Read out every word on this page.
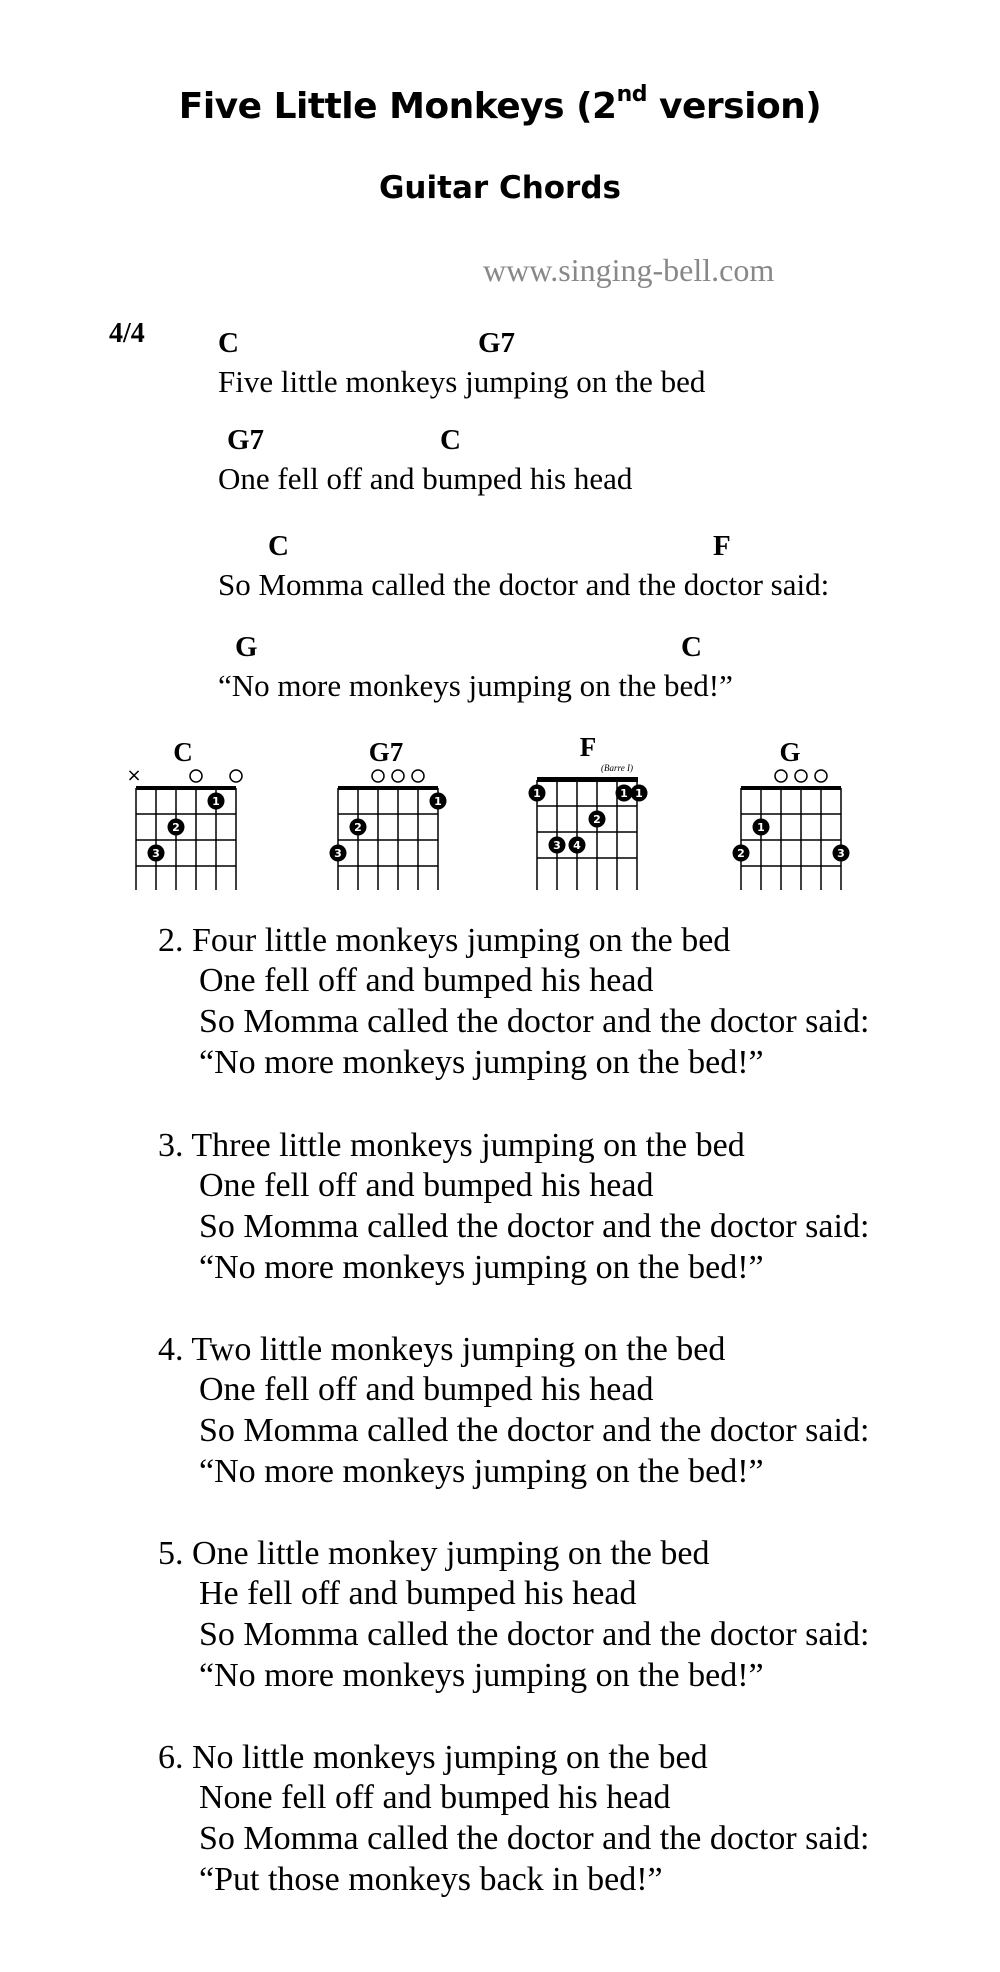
Five Little Monkeys (2nd version)
Guitar Chords
www.singing-bell.com
4/4	C	G7
Five little monkeys jumping on the bed
G7	C
One fell off and bumped his head
C	F
So Momma called the doctor and the doctor said:
G	C
“No more monkeys jumping on the bed!”
C
×
1
2
3
G7
1
2
3
F
(Barre I)
1	1 1
2
3 4
G
1
2	3
2. Four little monkeys jumping on the bed
One fell off and bumped his head
So Momma called the doctor and the doctor said:
“No more monkeys jumping on the bed!”
3. Three little monkeys jumping on the bed
One fell off and bumped his head
So Momma called the doctor and the doctor said:
“No more monkeys jumping on the bed!”
4. Two little monkeys jumping on the bed
One fell off and bumped his head
So Momma called the doctor and the doctor said:
“No more monkeys jumping on the bed!”
5. One little monkey jumping on the bed
He fell off and bumped his head
So Momma called the doctor and the doctor said:
“No more monkeys jumping on the bed!”
6. No little monkeys jumping on the bed
None fell off and bumped his head
So Momma called the doctor and the doctor said:
“Put those monkeys back in bed!”
